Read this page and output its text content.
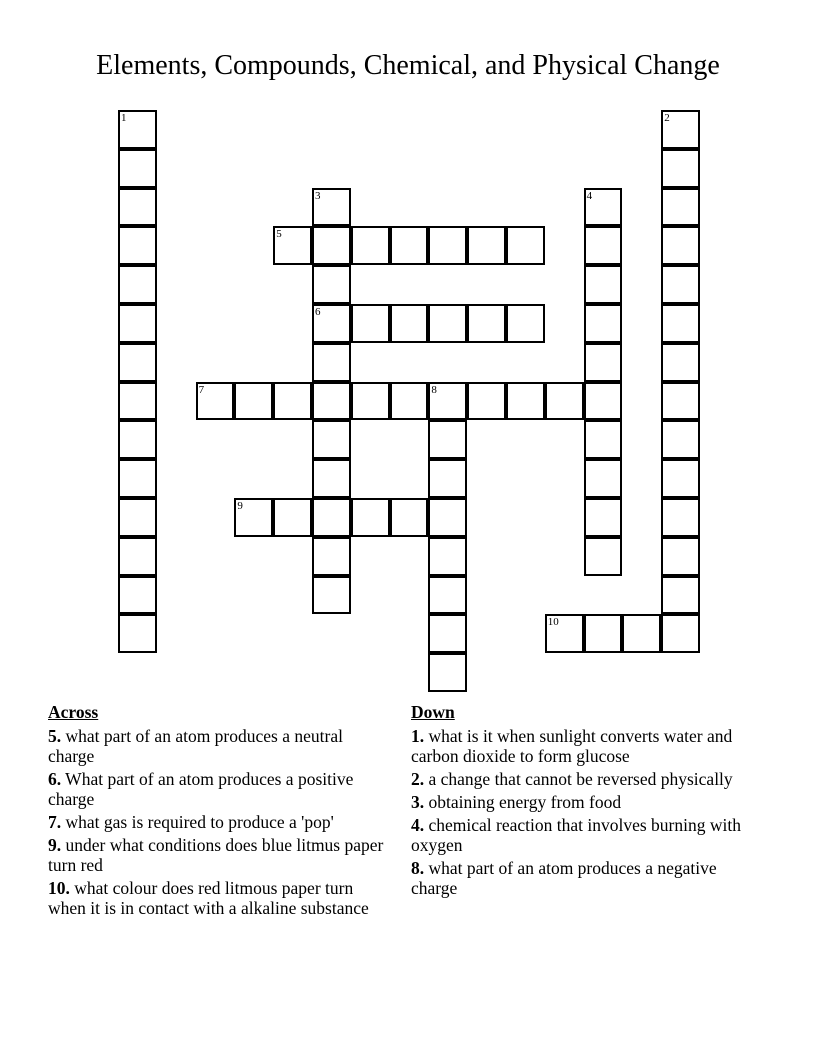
Elements, Compounds, Chemical, and Physical Change
1	2
3
6
4
5
7	8
9
10
Across
5. what part of an atom produces a neutral charge
6. What part of an atom produces a positive charge
7. what gas is required to produce a 'pop'
9. under what conditions does blue litmus paper turn red
10. what colour does red litmous paper turn when it is in contact with a alkaline substance
Down
1. what is it when sunlight converts water and carbon dioxide to form glucose
2. a change that cannot be reversed physically
3. obtaining energy from food
4. chemical reaction that involves burning with oxygen
8. what part of an atom produces a negative charge
